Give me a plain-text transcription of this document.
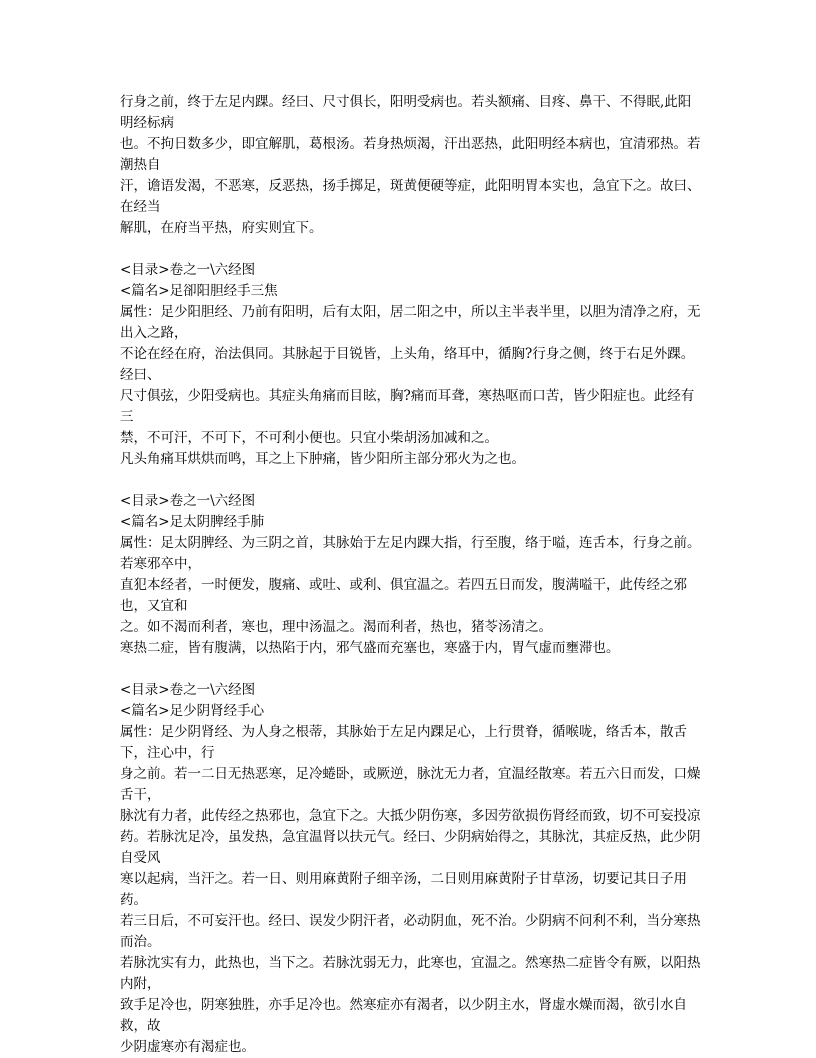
行身之前，终于左足内踝。经曰、尺寸俱长，阳明受病也。若头额痛、目疼、鼻干、不得眠,此阳明经标病
也。不拘日数多少，即宜解肌，葛根汤。若身热烦渴，汗出恶热，此阳明经本病也，宜清邪热。若潮热自
汗，谵语发渴，不恶寒，反恶热，扬手掷足，斑黄便硬等症，此阳明胃本实也，急宜下之。故曰、在经当
解肌，在府当平热，府实则宜下。
<目录>卷之一\六经图
<篇名>足卻阳胆经手三焦
属性：足少阳胆经、乃前有阳明，后有太阳，居二阳之中，所以主半表半里，以胆为清净之府，无出入之路，
不论在经在府，治法俱同。其脉起于目锐皆，上头角，络耳中，循胸?行身之侧，终于右足外踝。经曰、
尺寸俱弦，少阳受病也。其症头角痛而目眩，胸?痛而耳聋，寒热呕而口苦，皆少阳症也。此经有三
禁，不可汗，不可下，不可利小便也。只宜小柴胡汤加减和之。
凡头角痛耳烘烘而鸣，耳之上下肿痛，皆少阳所主部分邪火为之也。
<目录>卷之一\六经图
<篇名>足太阴脾经手肺
属性：足太阴脾经、为三阴之首，其脉始于左足内踝大指，行至腹，络于嗌，连舌本，行身之前。若寒邪卒中，
直犯本经者，一时便发，腹痛、或吐、或利、俱宜温之。若四五日而发，腹满嗌干，此传经之邪也，又宜和
之。如不渴而利者，寒也，理中汤温之。渴而利者，热也，猪苓汤清之。
寒热二症，皆有腹满，以热陷于内，邪气盛而充塞也，寒盛于内，胃气虚而壅滞也。
<目录>卷之一\六经图
<篇名>足少阴肾经手心
属性：足少阴肾经、为人身之根蒂，其脉始于左足内踝足心，上行贯脊，循喉咙，络舌本，散舌下，注心中，行
身之前。若一二日无热恶寒，足冷蜷卧，或厥逆，脉沈无力者，宜温经散寒。若五六日而发，口燥舌干，
脉沈有力者，此传经之热邪也，急宜下之。大抵少阴伤寒，多因劳欲损伤肾经而致，切不可妄投凉
药。若脉沈足冷，虽发热，急宜温肾以扶元气。经曰、少阴病始得之，其脉沈，其症反热，此少阴自受风
寒以起病，当汗之。若一日、则用麻黄附子细辛汤，二日则用麻黄附子甘草汤，切要记其日子用药。
若三日后，不可妄汗也。经曰、误发少阴汗者，必动阴血，死不治。少阴病不问利不利，当分寒热而治。
若脉沈实有力，此热也，当下之。若脉沈弱无力，此寒也，宜温之。然寒热二症皆令有厥，以阳热内附，
致手足冷也，阴寒独胜，亦手足冷也。然寒症亦有渴者，以少阴主水，肾虚水燥而渴，欲引水自救，故
少阴虚寒亦有渴症也。
